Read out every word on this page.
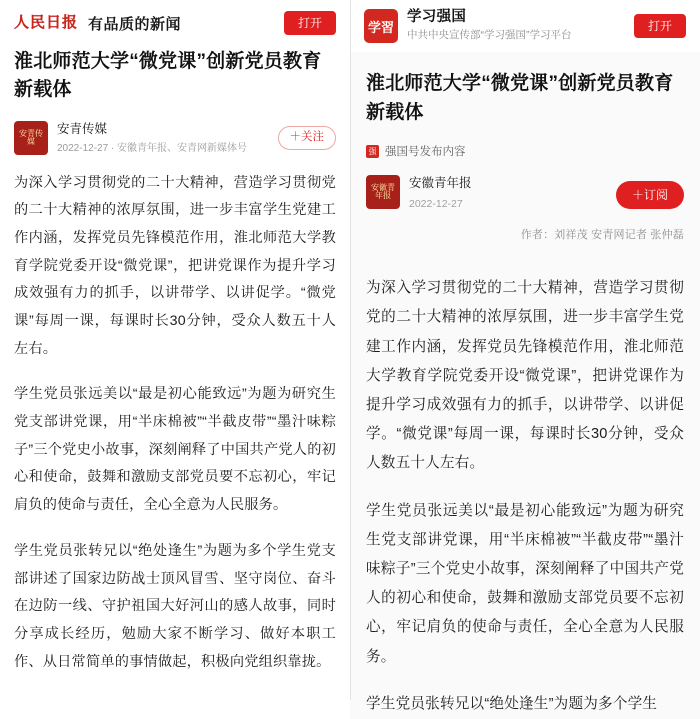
人民日报 有品质的新闻	打开
淮北师范大学“微党课”创新党员教育新载体
安青传媒
安青传媒
2022-12-27 · 安徽青年报、安青网新媒体号
＋关注

为深入学习贯彻党的二十大精神，营造学习贯彻党的二十大精神的浓厚氛围，进一步丰富学生党建工作内涵，发挥党员先锋模范作用，淮北师范大学教育学院党委开设“微党课”，把讲党课作为提升学习成效强有力的抓手，以讲带学、以讲促学。“微党课”每周一课，每课时长30分钟，受众人数五十人左右。

学生党员张远美以“最是初心能致远”为题为研究生党支部讲党课，用“半床棉被”“半截皮带”“墨汁味粽子”三个党史小故事，深刻阐释了中国共产党人的初心和使命，鼓舞和激励支部党员要不忘初心，牢记肩负的使命与责任，全心全意为人民服务。

学生党员张转兄以“绝处逢生”为题为多个学生党支部讲述了国家边防战士顶风冒雪、坚守岗位、奋斗在边防一线、守护祖国大好河山的感人故事，同时分享成长经历，勉励大家不断学习、做好本职工作、从日常简单的事情做起，积极向党组织靠拢。

学習
学习强国
中共中央宣传部“学习强国”学习平台
打开
淮北师范大学“微党课”创新党员教育新载体
强 强国号发布内容
安徽青年报
安徽青年报
2022-12-27
＋订阅
作者：刘祥茂 安青网记者 张仲磊

为深入学习贯彻党的二十大精神，营造学习贯彻党的二十大精神的浓厚氛围，进一步丰富学生党建工作内涵，发挥党员先锋模范作用，淮北师范大学教育学院党委开设“微党课”，把讲党课作为提升学习成效强有力的抓手，以讲带学、以讲促学。“微党课”每周一课，每课时长30分钟，受众人数五十人左右。

学生党员张远美以“最是初心能致远”为题为研究生党支部讲党课，用“半床棉被”“半截皮带”“墨汁味粽子”三个党史小故事，深刻阐释了中国共产党人的初心和使命，鼓舞和激励支部党员要不忘初心，牢记肩负的使命与责任，全心全意为人民服务。

学生党员张转兄以“绝处逢生”为题为多个学生
